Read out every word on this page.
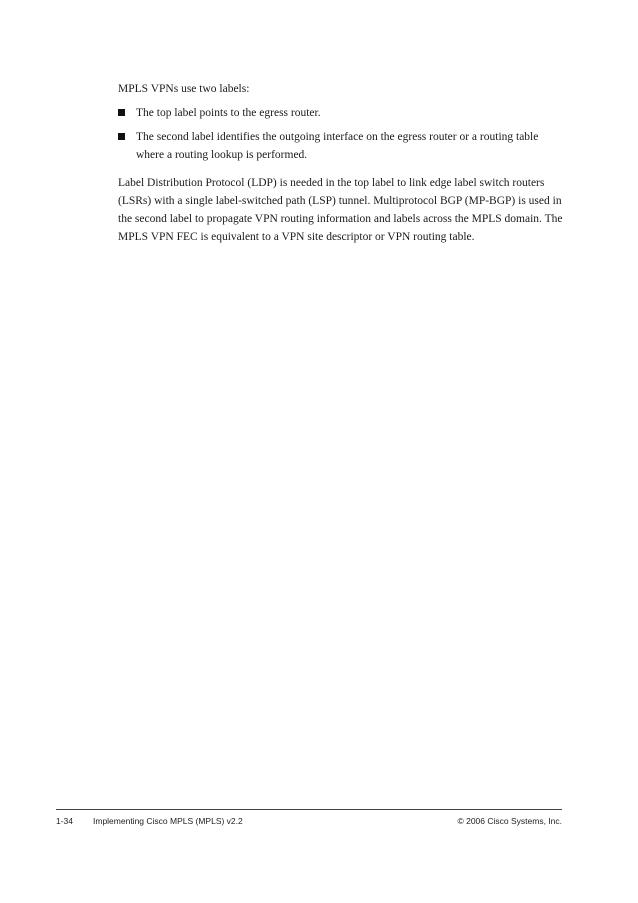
MPLS VPNs use two labels:

The top label points to the egress router.
The second label identifies the outgoing interface on the egress router or a routing table where a routing lookup is performed.

Label Distribution Protocol (LDP) is needed in the top label to link edge label switch routers (LSRs) with a single label-switched path (LSP) tunnel. Multiprotocol BGP (MP-BGP) is used in the second label to propagate VPN routing information and labels across the MPLS domain. The MPLS VPN FEC is equivalent to a VPN site descriptor or VPN routing table.

1-34 Implementing Cisco MPLS (MPLS) v2.2	© 2006 Cisco Systems, Inc.
